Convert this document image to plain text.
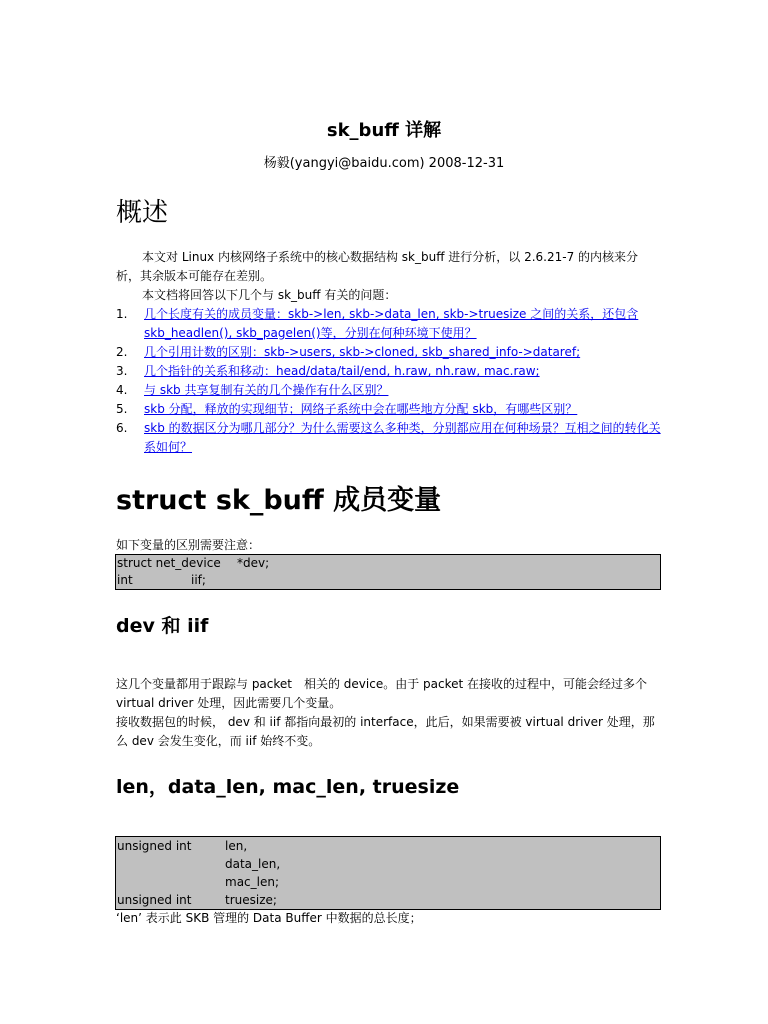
sk_buff 详解
杨毅(yangyi@baidu.com) 2008-12-31
概述
本文对 Linux 内核网络子系统中的核心数据结构 sk_buff 进行分析，以 2.6.21-7 的内核来分析，其余版本可能存在差别。
本文档将回答以下几个与 sk_buff 有关的问题：
1. 几个长度有关的成员变量：skb->len, skb->data_len, skb->truesize 之间的关系，还包含 skb_headlen(), skb_pagelen()等，分别在何种环境下使用？
2. 几个引用计数的区别：skb->users, skb->cloned, skb_shared_info->dataref;
3. 几个指针的关系和移动：head/data/tail/end, h.raw, nh.raw, mac.raw;
4. 与 skb 共享复制有关的几个操作有什么区别？
5. skb 分配，释放的实现细节；网络子系统中会在哪些地方分配 skb，有哪些区别？
6. skb 的数据区分为哪几部分？为什么需要这么多种类，分别都应用在何种场景？互相之间的转化关系如何？
struct sk_buff 成员变量
如下变量的区别需要注意：
struct net_device	*dev;
int	iif;
dev 和 iif
这几个变量都用于跟踪与 packet　相关的 device。由于 packet 在接收的过程中，可能会经过多个 virtual driver 处理，因此需要几个变量。
接收数据包的时候， dev 和 iif 都指向最初的 interface，此后，如果需要被 virtual driver 处理，那么 dev 会发生变化，而 iif 始终不变。
len，data_len, mac_len, truesize
unsigned int	len,
data_len,
mac_len;
unsigned int	truesize;
‘len’ 表示此 SKB 管理的 Data Buffer 中数据的总长度；
